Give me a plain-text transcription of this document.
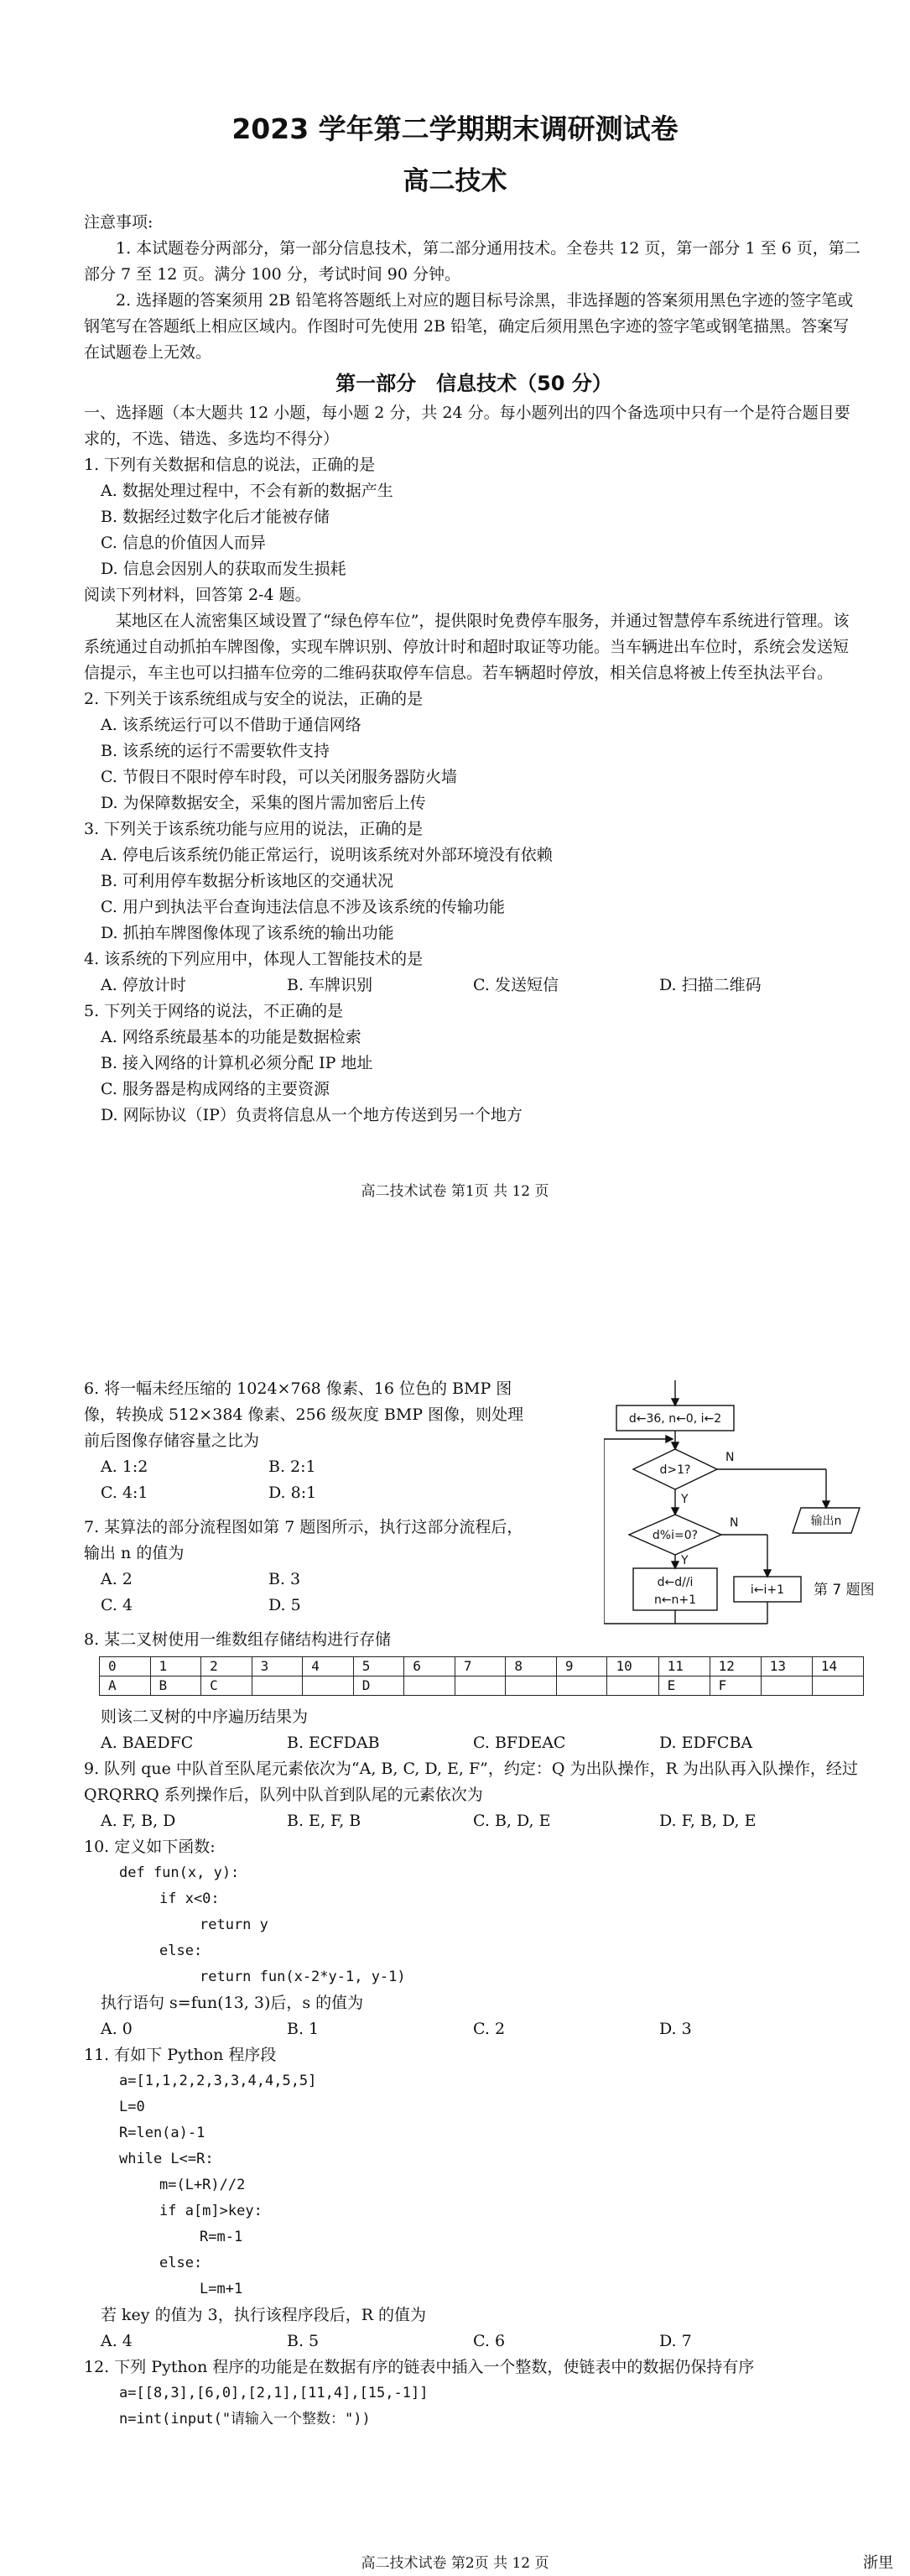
2023 学年第二学期期末调研测试卷
高二技术

注意事项:

1. 本试题卷分两部分，第一部分信息技术，第二部分通用技术。全卷共 12 页，第一部分 1 至 6 页，第二部分 7 至 12 页。满分 100 分，考试时间 90 分钟。

2. 选择题的答案须用 2B 铅笔将答题纸上对应的题目标号涂黑，非选择题的答案须用黑色字迹的签字笔或钢笔写在答题纸上相应区域内。作图时可先使用 2B 铅笔，确定后须用黑色字迹的签字笔或钢笔描黑。答案写在试题卷上无效。

第一部分　信息技术（50 分）

一、选择题（本大题共 12 小题，每小题 2 分，共 24 分。每小题列出的四个备选项中只有一个是符合题目要求的，不选、错选、多选均不得分）

1. 下列有关数据和信息的说法，正确的是

A. 数据处理过程中，不会有新的数据产生

B. 数据经过数字化后才能被存储

C. 信息的价值因人而异

D. 信息会因别人的获取而发生损耗

阅读下列材料，回答第 2-4 题。

某地区在人流密集区域设置了“绿色停车位”，提供限时免费停车服务，并通过智慧停车系统进行管理。该系统通过自动抓拍车牌图像，实现车牌识别、停放计时和超时取证等功能。当车辆进出车位时，系统会发送短信提示，车主也可以扫描车位旁的二维码获取停车信息。若车辆超时停放，相关信息将被上传至执法平台。

2. 下列关于该系统组成与安全的说法，正确的是

A. 该系统运行可以不借助于通信网络

B. 该系统的运行不需要软件支持

C. 节假日不限时停车时段，可以关闭服务器防火墙

D. 为保障数据安全，采集的图片需加密后上传

3. 下列关于该系统功能与应用的说法，正确的是

A. 停电后该系统仍能正常运行，说明该系统对外部环境没有依赖

B. 可利用停车数据分析该地区的交通状况

C. 用户到执法平台查询违法信息不涉及该系统的传输功能

D. 抓拍车牌图像体现了该系统的输出功能

4. 该系统的下列应用中，体现人工智能技术的是

A. 停放计时	B. 车牌识别	C. 发送短信	D. 扫描二维码

5. 下列关于网络的说法，不正确的是

A. 网络系统最基本的功能是数据检索

B. 接入网络的计算机必须分配 IP 地址

C. 服务器是构成网络的主要资源

D. 网际协议（IP）负责将信息从一个地方传送到另一个地方

高二技术试卷 第1页 共 12 页

6. 将一幅未经压缩的 1024×768 像素、16 位色的 BMP 图像，转换成 512×384 像素、256 级灰度 BMP 图像，则处理前后图像存储容量之比为

A. 1:2	B. 2:1
C. 4:1	D. 8:1

7. 某算法的部分流程图如第 7 题图所示，执行这部分流程后，输出 n 的值为

A. 2	B. 3
C. 4	D. 5
d←36, n←0, i←2
d>1?
d%i=0?
d←d//i
n←n+1
i←i+1
输出n
N
Y
N
Y
第 7 题图

8. 某二叉树使用一维数组存储结构进行存储

0	1	2	3	4	5	6	7	8	9	10	11	12	13	14
A	B	C			D						E	F		

则该二叉树的中序遍历结果为

A. BAEDFC	B. ECFDAB	C. BFDEAC	D. EDFCBA

9. 队列 que 中队首至队尾元素依次为“A, B, C, D, E, F”，约定：Q 为出队操作，R 为出队再入队操作，经过 QRQRRQ 系列操作后，队列中队首到队尾的元素依次为

A. F, B, D	B. E, F, B	C. B, D, E	D. F, B, D, E

10. 定义如下函数:

def fun(x, y):

if x<0:

return y

else:

return fun(x-2*y-1, y-1)

执行语句 s=fun(13, 3)后，s 的值为

A. 0	B. 1	C. 2	D. 3

11. 有如下 Python 程序段

a=[1,1,2,2,3,3,4,4,5,5]

L=0

R=len(a)-1

while L<=R:

m=(L+R)//2

if a[m]>key:

R=m-1

else:

L=m+1

若 key 的值为 3，执行该程序段后，R 的值为

A. 4	B. 5	C. 6	D. 7

12. 下列 Python 程序的功能是在数据有序的链表中插入一个整数，使链表中的数据仍保持有序

a=[[8,3],[6,0],[2,1],[11,4],[15,-1]]

n=int(input("请输入一个整数："))

高二技术试卷 第2页 共 12 页	浙里
